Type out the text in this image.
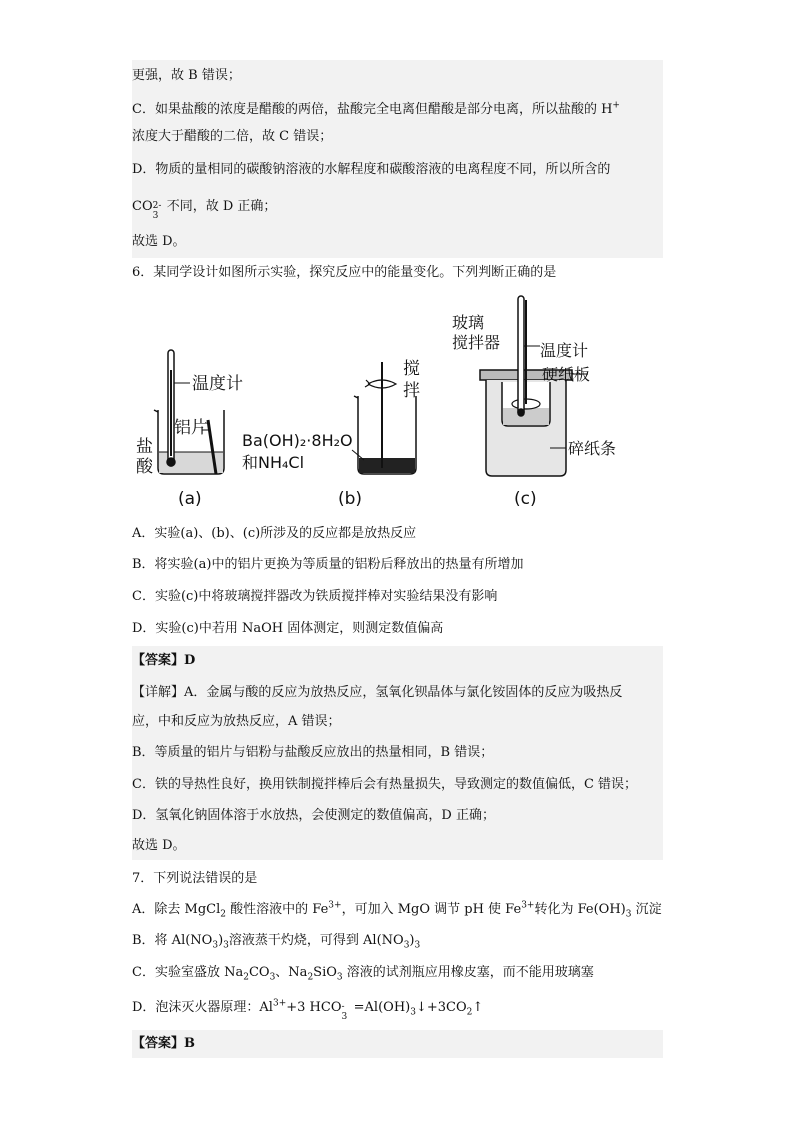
更强，故 B 错误；
C．如果盐酸的浓度是醋酸的两倍，盐酸完全电离但醋酸是部分电离，所以盐酸的 H+
浓度大于醋酸的二倍，故 C 错误；
D．物质的量相同的碳酸钠溶液的水解程度和碳酸溶液的电离程度不同，所以所含的
CO 2-
3
不同，故 D 正确；
故选 D。
6．某同学设计如图所示实验，探究反应中的能量变化。下列判断正确的是
温度计
铝片
盐
酸
(a)
搅
拌
Ba(OH)₂·8H₂O
和NH₄Cl
(b)
玻璃
搅拌器 温度计
硬纸板
碎纸条
(c)
A．实验(a)、(b)、(c)所涉及的反应都是放热反应
B．将实验(a)中的铝片更换为等质量的铝粉后释放出的热量有所增加
C．实验(c)中将玻璃搅拌器改为铁质搅拌棒对实验结果没有影响
D．实验(c)中若用 NaOH 固体测定，则测定数值偏高
【答案】D
【详解】A．金属与酸的反应为放热反应，氢氧化钡晶体与氯化铵固体的反应为吸热反
应，中和反应为放热反应，A 错误；
B．等质量的铝片与铝粉与盐酸反应放出的热量相同，B 错误；
C．铁的导热性良好，换用铁制搅拌棒后会有热量损失，导致测定的数值偏低，C 错误；
D．氢氧化钠固体溶于水放热，会使测定的数值偏高，D 正确；
故选 D。
7．下列说法错误的是
A．除去 MgCl$_2$ 酸性溶液中的 $Fe^{3+}$，可加入 MgO 调节 pH 使 $Fe^{3+}$转化为 $Fe(OH)_3$ 沉淀
B．将 $Al(NO_3)_3$溶液蒸干灼烧，可得到 $Al(NO_3)_3$
C．实验室盛放 $Na_2CO_3$、$Na_2SiO_3$ 溶液的试剂瓶应用橡皮塞，而不能用玻璃塞
D．泡沫灭火器原理：$Al^{3+}+3$ HCO -
3
$=Al(OH)_3↓+3CO_2↑$
【答案】B
